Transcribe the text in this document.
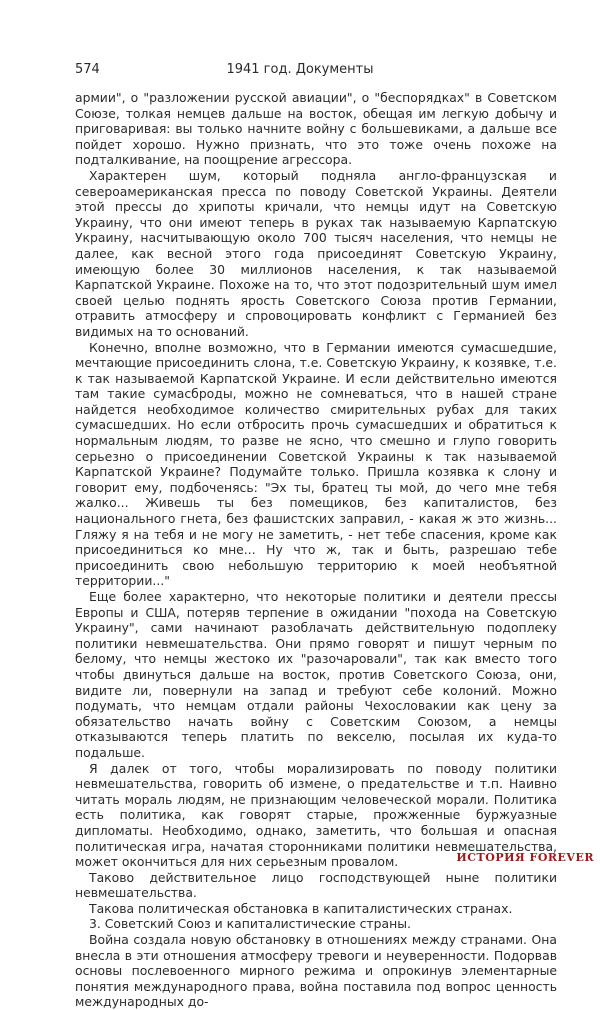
574	1941 год. Документы

армии", о "разложении русской авиации", о "беспорядках" в Советском Союзе, толкая немцев дальше на восток, обещая им легкую добычу и приговаривая: вы только начните войну с большевиками, а дальше все пойдет хорошо. Нужно признать, что это тоже очень похоже на подталкивание, на поощрение агрессора.

Характерен шум, который подняла англо-французская и североамериканская пресса по поводу Советской Украины. Деятели этой прессы до хрипоты кричали, что немцы идут на Советскую Украину, что они имеют теперь в руках так называемую Карпатскую Украину, насчитывающую около 700 тысяч населения, что немцы не далее, как весной этого года присоединят Советскую Украину, имеющую более 30 миллионов населения, к так называемой Карпатской Украине. Похоже на то, что этот подозрительный шум имел своей целью поднять ярость Советского Союза против Германии, отравить атмосферу и спровоцировать конфликт с Германией без видимых на то оснований.

Конечно, вполне возможно, что в Германии имеются сумасшедшие, мечтающие присоединить слона, т.е. Советскую Украину, к козявке, т.е. к так называемой Карпатской Украине. И если действительно имеются там такие сумасброды, можно не сомневаться, что в нашей стране найдется необходимое количество смирительных рубах для таких сумасшедших. Но если отбросить прочь сумасшедших и обратиться к нормальным людям, то разве не ясно, что смешно и глупо говорить серьезно о присоединении Советской Украины к так называемой Карпатской Украине? Подумайте только. Пришла козявка к слону и говорит ему, подбоченясь: "Эх ты, братец ты мой, до чего мне тебя жалко... Живешь ты без помещиков, без капиталистов, без национального гнета, без фашистских заправил, - какая ж это жизнь... Гляжу я на тебя и не могу не заметить, - нет тебе спасения, кроме как присоединиться ко мне... Ну что ж, так и быть, разрешаю тебе присоединить свою небольшую территорию к моей необъятной территории..."

Еще более характерно, что некоторые политики и деятели прессы Европы и США, потеряв терпение в ожидании "похода на Советскую Украину", сами начинают разоблачать действительную подоплеку политики невмешательства. Они прямо говорят и пишут черным по белому, что немцы жестоко их "разочаровали", так как вместо того чтобы двинуться дальше на восток, против Советского Союза, они, видите ли, повернули на запад и требуют себе колоний. Можно подумать, что немцам отдали районы Чехословакии как цену за обязательство начать войну с Советским Союзом, а немцы отказываются теперь платить по векселю, посылая их куда-то подальше.

Я далек от того, чтобы морализировать по поводу политики невмешательства, говорить об измене, о предательстве и т.п. Наивно читать мораль людям, не признающим человеческой морали. Политика есть политика, как говорят старые, прожженные буржуазные дипломаты. Необходимо, однако, заметить, что большая и опасная политическая игра, начатая сторонниками политики невмешательства, может окончиться для них серьезным провалом.

Таково действительное лицо господствующей ныне политики невмешательства.

Такова политическая обстановка в капиталистических странах.

3. Советский Союз и капиталистические страны.

Война создала новую обстановку в отношениях между странами. Она внесла в эти отношения атмосферу тревоги и неуверенности. Подорвав основы послевоенного мирного режима и опрокинув элементарные понятия международного права, война поставила под вопрос ценность международных до-

ИСТОРИЯ FOREVER
